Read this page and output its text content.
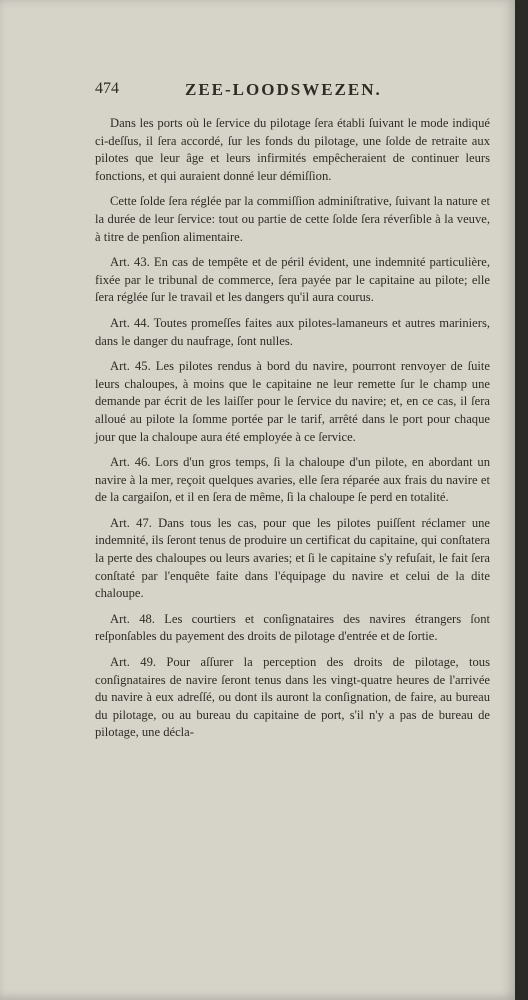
474	ZEE-LOODSWEZEN.

Dans les ports où le ſervice du pilotage ſera établi ſuivant le mode indiqué ci-deſſus, il ſera accordé, ſur les fonds du pilotage, une ſolde de retraite aux pilotes que leur âge et leurs infirmités empêcheraient de continuer leurs fonctions, et qui auraient donné leur démiſſion.

Cette ſolde ſera réglée par la commiſſion adminiſtrative, ſuivant la nature et la durée de leur ſervice: tout ou partie de cette ſolde ſera réverſible à la veuve, à titre de penſion alimentaire.

Art. 43. En cas de tempête et de péril évident, une indemnité particulière, fixée par le tribunal de commerce, ſera payée par le capitaine au pilote; elle ſera réglée ſur le travail et les dangers qu'il aura courus.

Art. 44. Toutes promeſſes faites aux pilotes-lamaneurs et autres mariniers, dans le danger du naufrage, ſont nulles.

Art. 45. Les pilotes rendus à bord du navire, pourront renvoyer de ſuite leurs chaloupes, à moins que le capitaine ne leur remette ſur le champ une demande par écrit de les laiſſer pour le ſervice du navire; et, en ce cas, il ſera alloué au pilote la ſomme portée par le tarif, arrêté dans le port pour chaque jour que la chaloupe aura été employée à ce ſervice.

Art. 46. Lors d'un gros temps, ſi la chaloupe d'un pilote, en abordant un navire à la mer, reçoit quelques avaries, elle ſera réparée aux frais du navire et de la cargaiſon, et il en ſera de même, ſi la chaloupe ſe perd en totalité.

Art. 47. Dans tous les cas, pour que les pilotes puiſſent réclamer une indemnité, ils ſeront tenus de produire un certificat du capitaine, qui conſtatera la perte des chaloupes ou leurs avaries; et ſi le capitaine s'y refuſait, le fait ſera conſtaté par l'enquête faite dans l'équipage du navire et celui de la dite chaloupe.

Art. 48. Les courtiers et conſignataires des navires étrangers ſont reſponſables du payement des droits de pilotage d'entrée et de ſortie.

Art. 49. Pour aſſurer la perception des droits de pilotage, tous conſignataires de navire ſeront tenus dans les vingt-quatre heures de l'arrivée du navire à eux adreſſé, ou dont ils auront la conſignation, de faire, au bureau du pilotage, ou au bureau du capitaine de port, s'il n'y a pas de bureau de pilotage, une décla-
